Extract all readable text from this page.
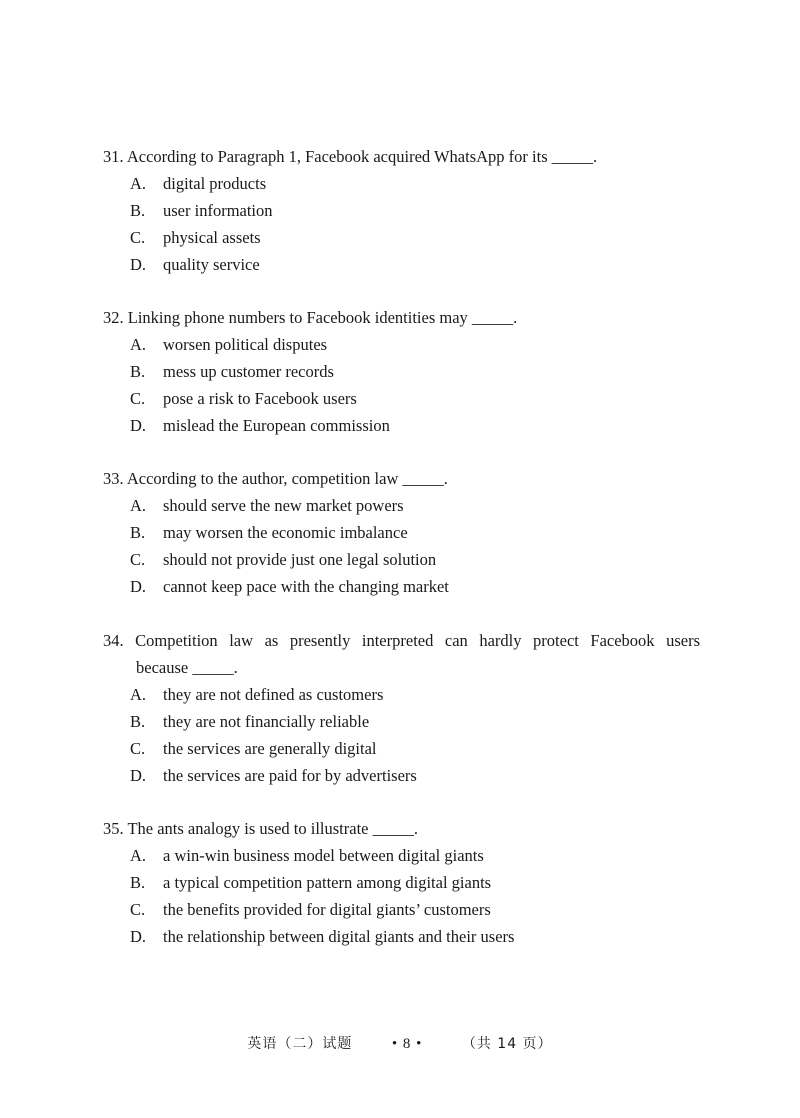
31. According to Paragraph 1, Facebook acquired WhatsApp for its _____.

A. digital products
B. user information
C. physical assets
D. quality service

32. Linking phone numbers to Facebook identities may _____.

A. worsen political disputes
B. mess up customer records
C. pose a risk to Facebook users
D. mislead the European commission

33. According to the author, competition law _____.

A. should serve the new market powers
B. may worsen the economic imbalance
C. should not provide just one legal solution
D. cannot keep pace with the changing market

34. Competition law as presently interpreted can hardly protect Facebook users

because _____.

A. they are not defined as customers
B. they are not financially reliable
C. the services are generally digital
D. the services are paid for by advertisers

35. The ants analogy is used to illustrate _____.

A. a win-win business model between digital giants
B. a typical competition pattern among digital giants
C. the benefits provided for digital giants’ customers
D. the relationship between digital giants and their users
英语（二）试题	• 8 •	（共 14 页）
